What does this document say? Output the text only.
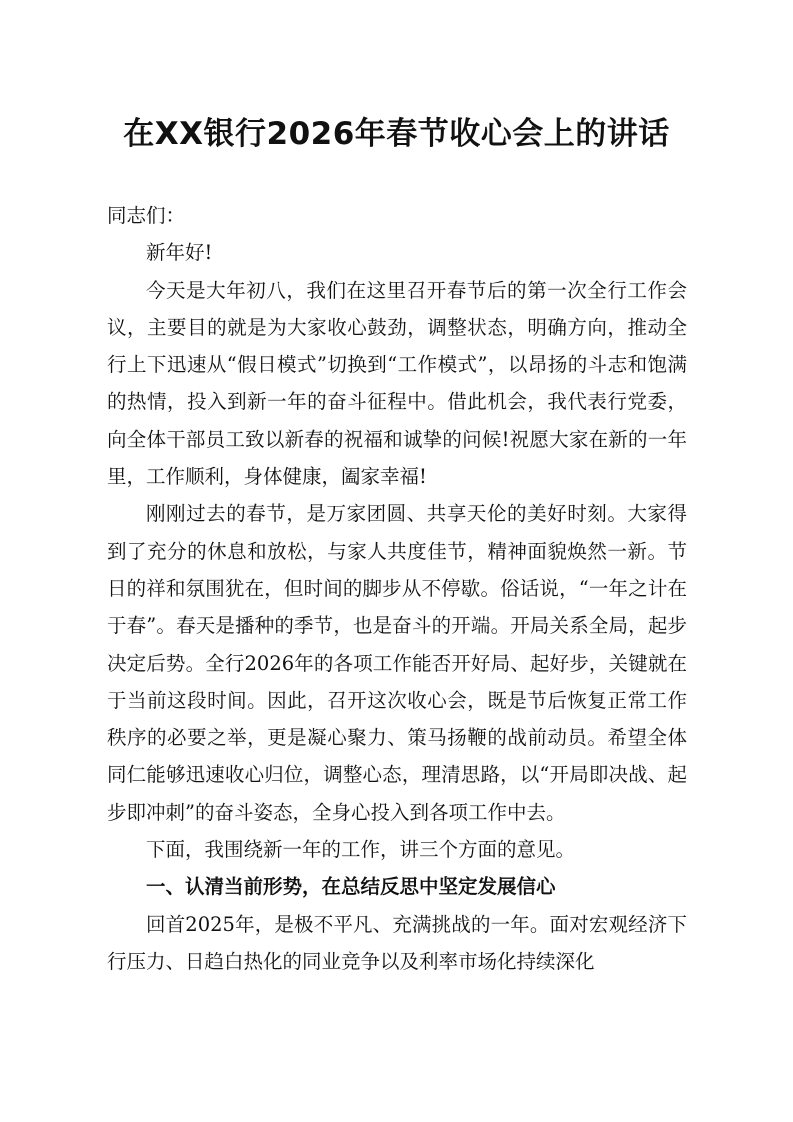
在XX银行2026年春节收心会上的讲话

同志们：

新年好!

今天是大年初八，我们在这里召开春节后的第一次全行工作会议，主要目的就是为大家收心鼓劲，调整状态，明确方向，推动全行上下迅速从“假日模式”切换到“工作模式”，以昂扬的斗志和饱满的热情，投入到新一年的奋斗征程中。借此机会，我代表行党委，向全体干部员工致以新春的祝福和诚挚的问候!祝愿大家在新的一年里，工作顺利，身体健康，阖家幸福!

刚刚过去的春节，是万家团圆、共享天伦的美好时刻。大家得到了充分的休息和放松，与家人共度佳节，精神面貌焕然一新。节日的祥和氛围犹在，但时间的脚步从不停歇。俗话说，“一年之计在于春”。春天是播种的季节，也是奋斗的开端。开局关系全局，起步决定后势。全行2026年的各项工作能否开好局、起好步，关键就在于当前这段时间。因此，召开这次收心会，既是节后恢复正常工作秩序的必要之举，更是凝心聚力、策马扬鞭的战前动员。希望全体同仁能够迅速收心归位，调整心态，理清思路，以“开局即决战、起步即冲刺”的奋斗姿态，全身心投入到各项工作中去。

下面，我围绕新一年的工作，讲三个方面的意见。

一、认清当前形势，在总结反思中坚定发展信心

回首2025年，是极不平凡、充满挑战的一年。面对宏观经济下行压力、日趋白热化的同业竞争以及利率市场化持续深化
